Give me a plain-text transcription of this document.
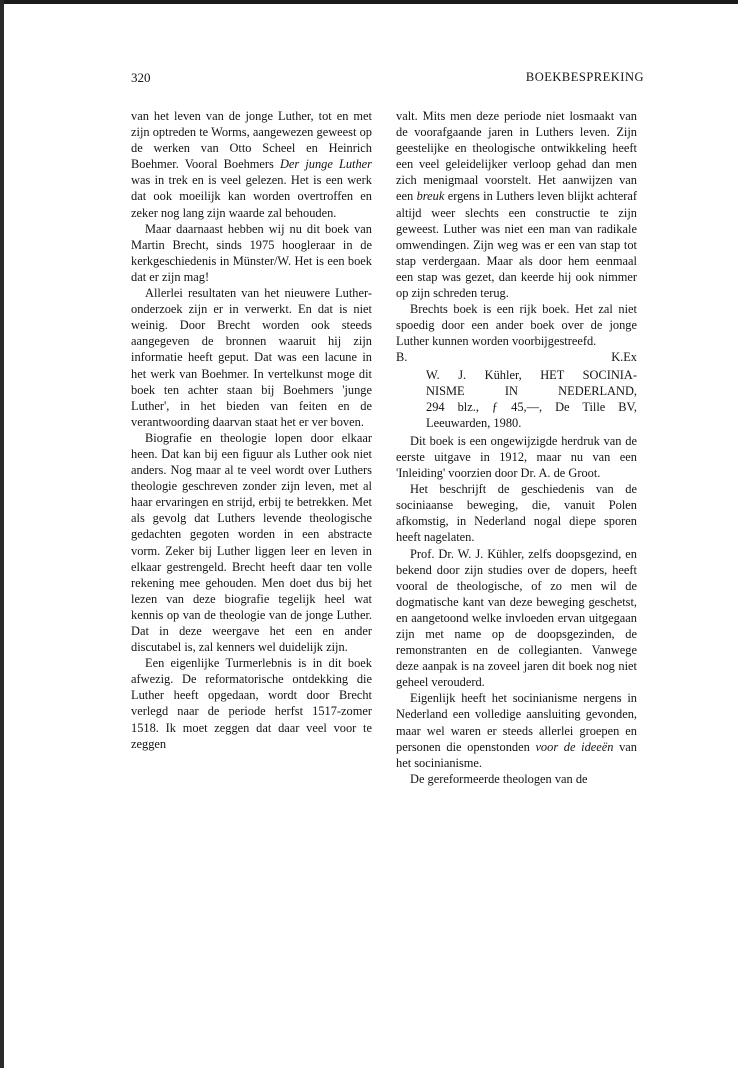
320	BOEKBESPREKING

van het leven van de jonge Luther, tot en met zijn optreden te Worms, aangewezen geweest op de werken van Otto Scheel en Heinrich Boehmer. Vooral Boehmers Der junge Luther was in trek en is veel gelezen. Het is een werk dat ook moeilijk kan worden overtroffen en zeker nog lang zijn waarde zal behouden.

Maar daarnaast hebben wij nu dit boek van Martin Brecht, sinds 1975 hoogleraar in de kerkgeschiedenis in Münster/W. Het is een boek dat er zijn mag!

Allerlei resultaten van het nieuwere Luther-onderzoek zijn er in verwerkt. En dat is niet weinig. Door Brecht worden ook steeds aangegeven de bronnen waaruit hij zijn informatie heeft geput. Dat was een lacune in het werk van Boehmer. In vertelkunst moge dit boek ten achter staan bij Boehmers 'junge Luther', in het bieden van feiten en de verantwoording daarvan staat het er ver boven.

Biografie en theologie lopen door elkaar heen. Dat kan bij een figuur als Luther ook niet anders. Nog maar al te veel wordt over Luthers theologie geschreven zonder zijn leven, met al haar ervaringen en strijd, erbij te betrekken. Met als gevolg dat Luthers levende theologische gedachten gegoten worden in een abstracte vorm. Zeker bij Luther liggen leer en leven in elkaar gestrengeld. Brecht heeft daar ten volle rekening mee gehouden. Men doet dus bij het lezen van deze biografie tegelijk heel wat kennis op van de theologie van de jonge Luther. Dat in deze weergave het een en ander discutabel is, zal kenners wel duidelijk zijn.

Een eigenlijke Turmerlebnis is in dit boek afwezig. De reformatorische ontdekking die Luther heeft opgedaan, wordt door Brecht verlegd naar de periode herfst 1517-zomer 1518. Ik moet zeggen dat daar veel voor te zeggen

valt. Mits men deze periode niet losmaakt van de voorafgaande jaren in Luthers leven. Zijn geestelijke en theologische ontwikkeling heeft een veel geleidelijker verloop gehad dan men zich menigmaal voorstelt. Het aanwijzen van een breuk ergens in Luthers leven blijkt achteraf altijd weer slechts een constructie te zijn geweest. Luther was niet een man van radikale omwendingen. Zijn weg was er een van stap tot stap verdergaan. Maar als door hem eenmaal een stap was gezet, dan keerde hij ook nimmer op zijn schreden terug.

Brechts boek is een rijk boek. Het zal niet spoedig door een ander boek over de jonge Luther kunnen worden voorbijgestreefd.

B.	K.Ex
W. J. Kühler, HET SOCINIA-
NISME IN NEDERLAND,
294 blz., ƒ 45,—, De Tille BV,
Leeuwarden, 1980.

Dit boek is een ongewijzigde herdruk van de eerste uitgave in 1912, maar nu van een 'Inleiding' voorzien door Dr. A. de Groot.

Het beschrijft de geschiedenis van de sociniaanse beweging, die, vanuit Polen afkomstig, in Nederland nogal diepe sporen heeft nagelaten.

Prof. Dr. W. J. Kühler, zelfs doopsgezind, en bekend door zijn studies over de dopers, heeft vooral de theologische, of zo men wil de dogmatische kant van deze beweging geschetst, en aangetoond welke invloeden ervan uitgegaan zijn met name op de doopsgezinden, de remonstranten en de collegianten. Vanwege deze aanpak is na zoveel jaren dit boek nog niet geheel verouderd.

Eigenlijk heeft het socinianisme nergens in Nederland een volledige aansluiting gevonden, maar wel waren er steeds allerlei groepen en personen die openstonden voor de ideeën van het socinianisme.

De gereformeerde theologen van de
